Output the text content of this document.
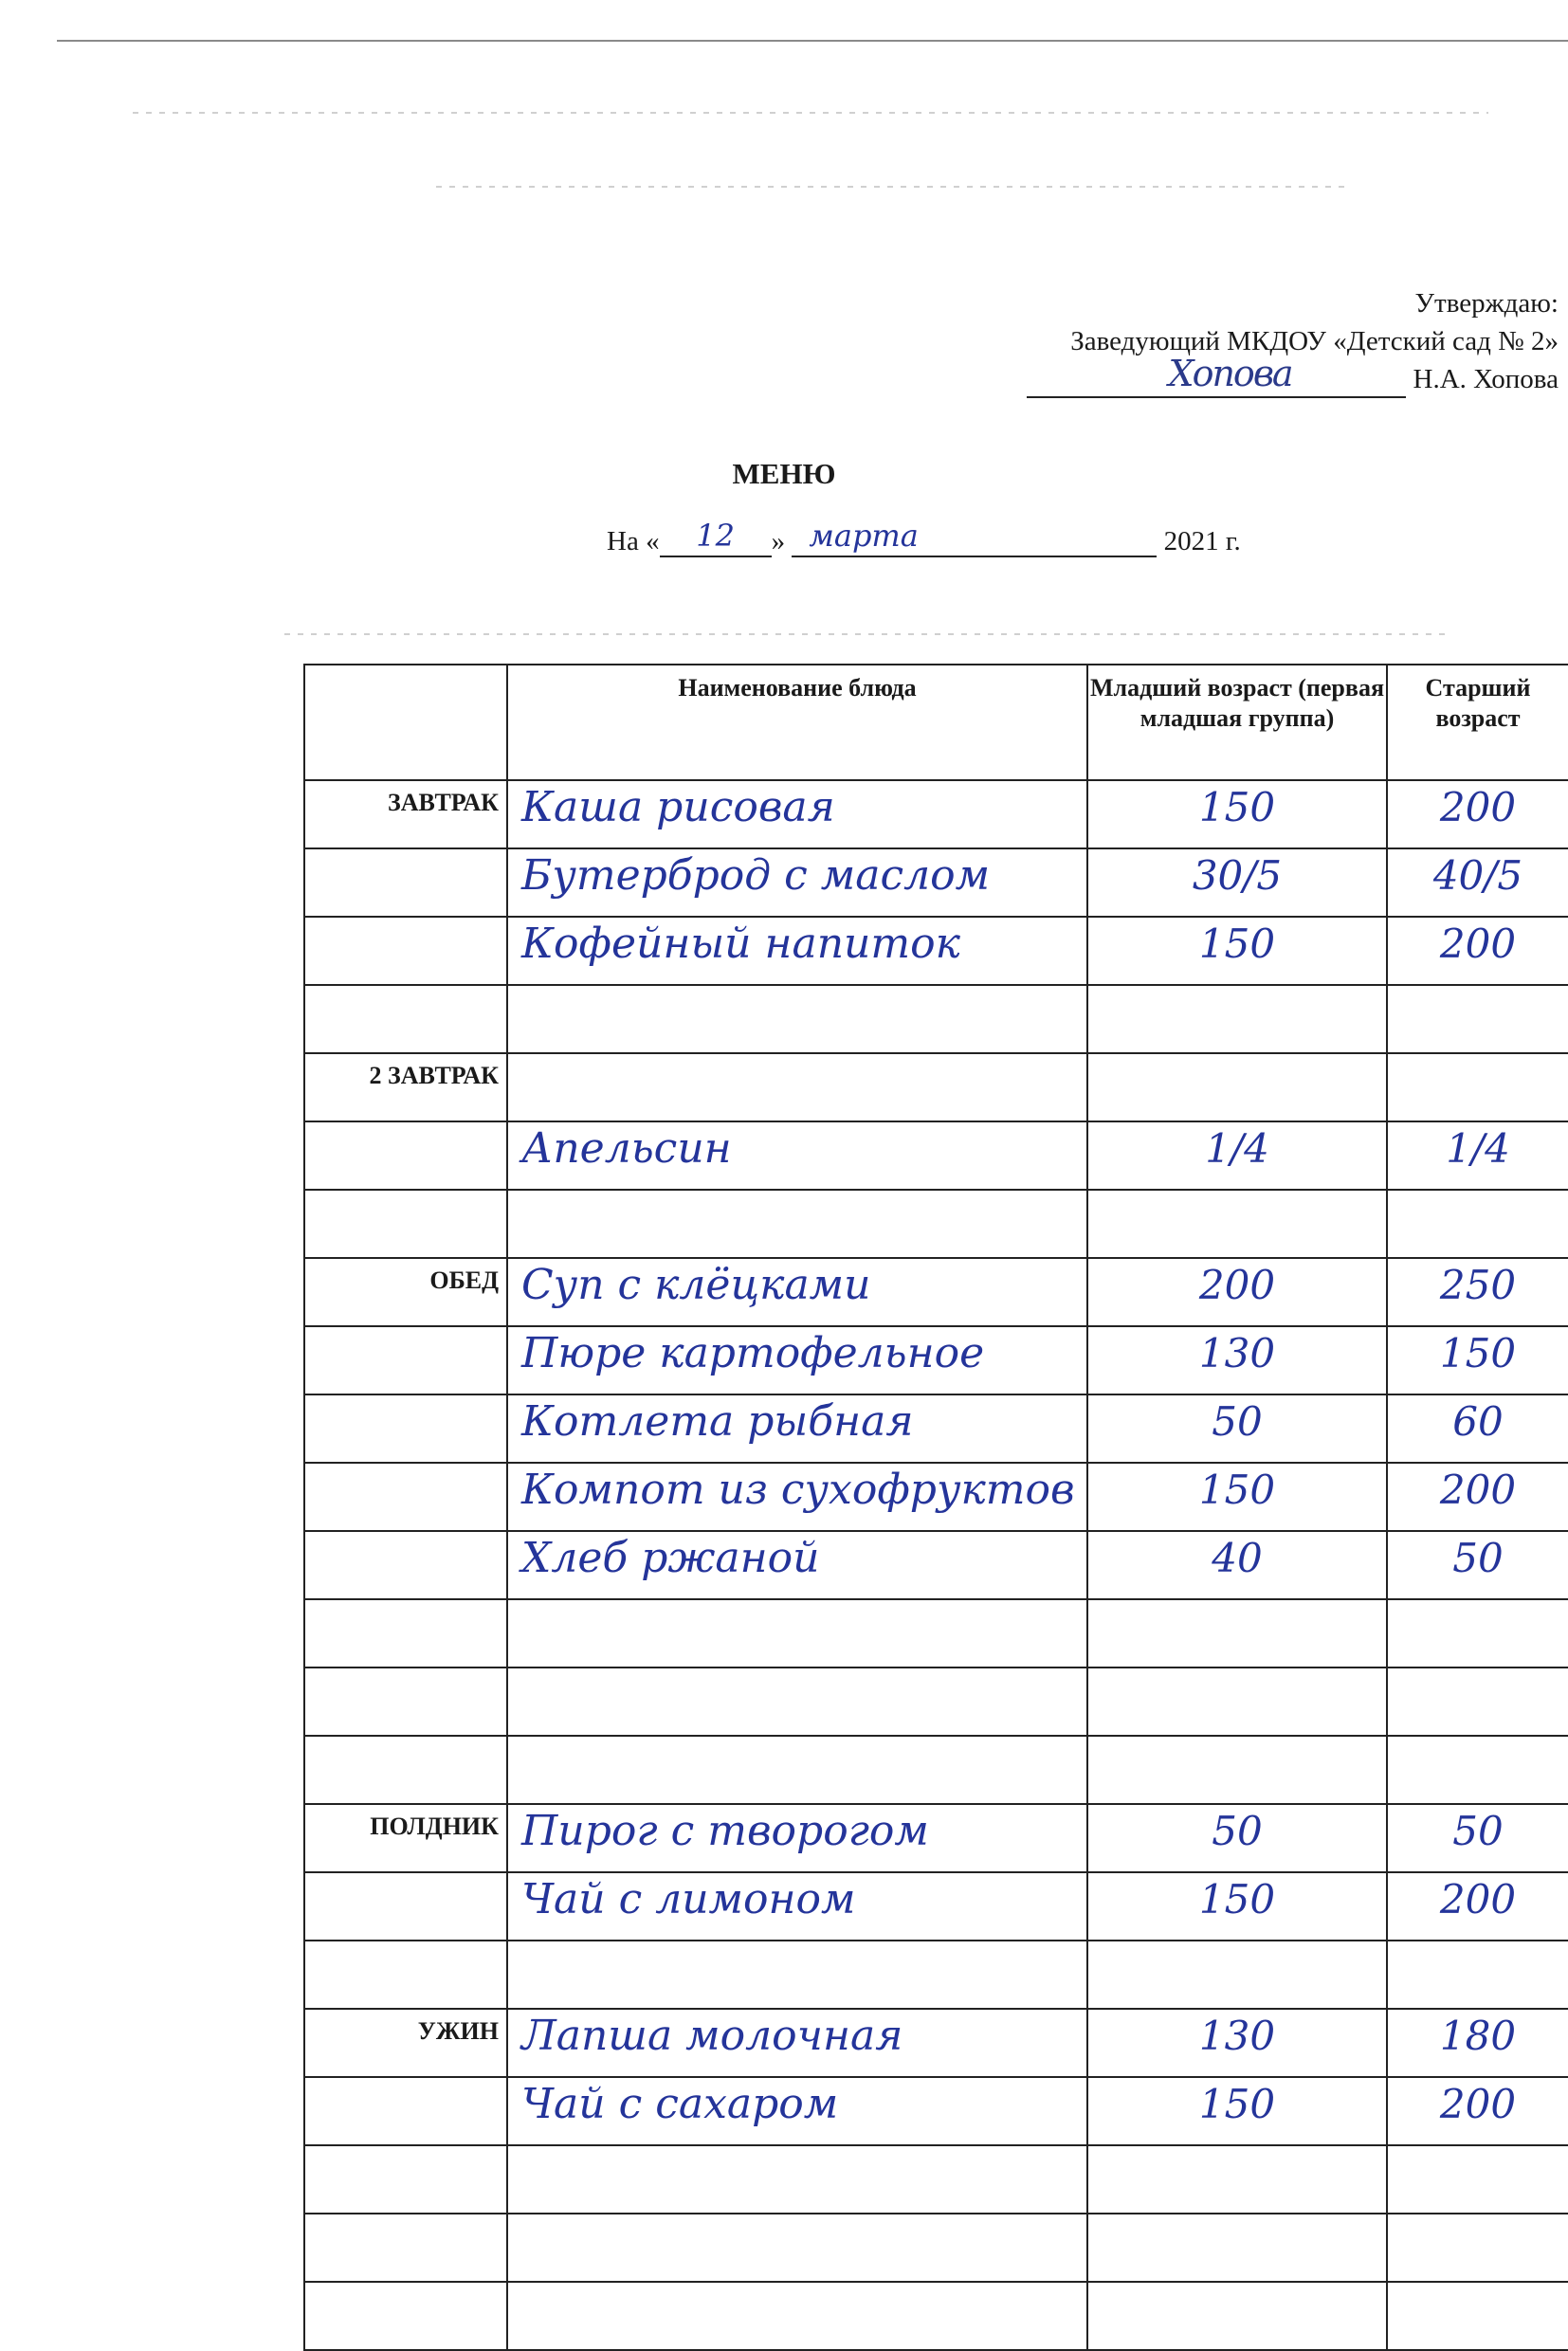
Утверждаю:
Заведующий МКДОУ «Детский сад № 2»
Хопова	Н.А. Хопова
МЕНЮ
На «	12	» марта	2021 г.
	Наименование блюда	Младший возраст (первая младшая группа)	Старший возраст
ЗАВТРАК	Каша рисовая	150	200
	Бутерброд с маслом	30/5	40/5
	Кофейный напиток	150	200

2 ЗАВТРАК			
	Апельсин	1/4	1/4

ОБЕД	Суп с клёцками	200	250
	Пюре картофельное	130	150
	Котлета рыбная	50	60
	Компот из сухофруктов	150	200
	Хлеб ржаной	40	50

ПОЛДНИК	Пирог с творогом	50	50
	Чай с лимоном	150	200

УЖИН	Лапша молочная	130	180
	Чай с сахаром	150	200
